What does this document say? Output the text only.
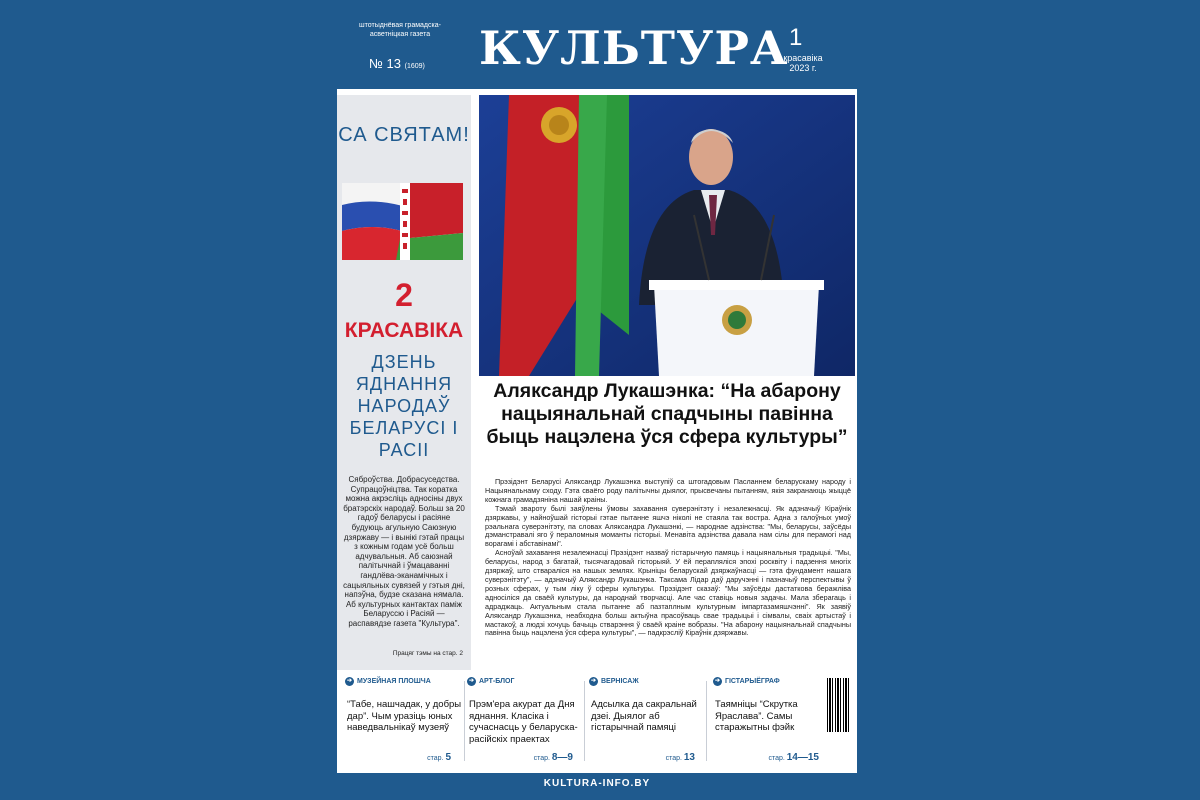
штотыднёвая грамадска-асветніцкая газета
№ 13 (1609) КУЛЬТУРА 1
красавіка 2023 г.
СА СВЯТАМ!
2
КРАСАВІКА
ДЗЕНЬ ЯДНАННЯ НАРОДАЎ БЕЛАРУСІ І РАСІІ
Сяброўства. Добрасуседства. Супрацоўніцтва. Так коратка можна акрэсліць адносіны двух братэрскіх народаў. Больш за 20 гадоў беларусы і расіяне будуюць агульную Саюзную дзяржаву — і вынікі гэтай працы з кожным годам усё больш адчувальныя. Аб саюзнай палітычнай і ўмацаванні гандлёва-эканамічных і сацыяльных сувязей у гэтыя дні, напэўна, будзе сказана нямала. Аб культурных кантактах паміж Беларуссю і Расіяй — распавядзе газета "Культура".
Працяг тэмы на стар. 2
Аляксандр Лукашэнка: “На абарону нацыянальнай спадчыны павінна быць нацэлена ўся сфера культуры”

Прэзідэнт Беларусі Аляксандр Лукашэнка выступіў са штогадовым Пасланнем беларускаму народу і Нацыянальнаму сходу. Гэта сваёго роду палітычны дыялог, прысвечаны пытанням, якія закранаюць жыццё кожнага грамадзяніна нашай краіны.

Тэмай звароту былі заяўлены ўмовы захавання суверэнітэту і незалежнасці. Як адзначыў Кіраўнік дзяржавы, у найноўшай гісторыі гэтае пытанне яшчэ ніколі не стаяла так востра. Адна з галоўных умоў рэальнага суверэнітэту, па словах Аляксандра Лукашэнкі, — народнае адзінства: "Мы, беларусы, заўсёды дэманстравалі яго ў пераломныя моманты гісторыі. Менавіта адзінства давала нам сілы для перамогі над ворагамі і абставінамі".

Асноўай захавання незалежнасці Прэзідэнт назваў гістарычную памяць і нацыянальныя традыцыі. "Мы, беларусы, народ з багатай, тысячагадовай гісторыяй. У ёй перапляліся эпохі росквіту і падзення многіх дзяржаў, што ствараліся на нашых землях. Крыніцы беларускай дзяржаўнасці — гэта фундамент нашага суверэнітэту", — адзначыў Аляксандр Лукашэнка. Таксама Лідар даў даручэнні і пазначыў перспектывы ў розных сферах, у тым ліку ў сферы культуры. Прэзідэнт сказаў: "Мы заўсёды дастаткова беражліва адносіліся да сваёй культуры, да народнай творчасці. Але час ставіць новыя задачы. Мала зберагаць і адраджаць. Актуальным стала пытанне аб пазтаплным культурным імпартазамяшчэнні". Як заявіў Аляксандр Лукашэнка, неабходна больш актыўна прасоўваць свае традыцыі і сімвалы, сваіх артыстаў і мастакоў, а людзі хочуць бачыць стварэння ў сваёй краіне вобразы. "На абарону нацыянальнай спадчыны павінна быць нацэлена ўся сфера культуры", — падкрэсліў Кіраўнік дзяржавы.

➔ МУЗЕЙНАЯ ПЛОШЧА
“Табе, нашчадак, у добры дар”. Чым уразіць юных наведвальнікаў музеяў
стар. 5
➔ АРТ-БЛОГ
Прэм'ера акурат да Дня яднання. Класіка і сучаснасць у беларуска-расійскіх праектах
стар. 8—9
➔ ВЕРНІСАЖ
Адсылка да сакральнай дзеі. Дыялог аб гістарычнай памяці
стар. 13
➔ ГІСТАРЫЁГРАФ
Таямніцы “Скрутка Яраслава”. Самы старажытны фэйк
стар. 14—15
KULTURA-INFO.BY
